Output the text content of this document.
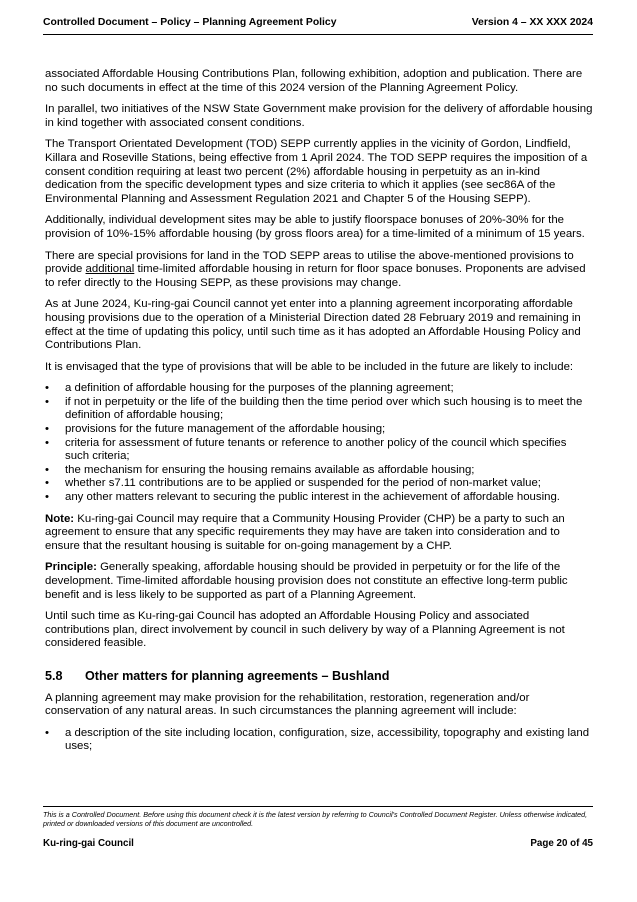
Controlled Document – Policy – Planning Agreement Policy	Version 4 – XX XXX 2024

associated Affordable Housing Contributions Plan, following exhibition, adoption and publication. There are no such documents in effect at the time of this 2024 version of the Planning Agreement Policy.

In parallel, two initiatives of the NSW State Government make provision for the delivery of affordable housing in kind together with associated consent conditions.

The Transport Orientated Development (TOD) SEPP currently applies in the vicinity of Gordon, Lindfield, Killara and Roseville Stations, being effective from 1 April 2024. The TOD SEPP requires the imposition of a consent condition requiring at least two percent (2%) affordable housing in perpetuity as an in-kind dedication from the specific development types and size criteria to which it applies (see sec86A of the Environmental Planning and Assessment Regulation 2021 and Chapter 5 of the Housing SEPP).

Additionally, individual development sites may be able to justify floorspace bonuses of 20%-30% for the provision of 10%-15% affordable housing (by gross floors area) for a time-limited of a minimum of 15 years.

There are special provisions for land in the TOD SEPP areas to utilise the above-mentioned provisions to provide additional time-limited affordable housing in return for floor space bonuses. Proponents are advised to refer directly to the Housing SEPP, as these provisions may change.

As at June 2024, Ku-ring-gai Council cannot yet enter into a planning agreement incorporating affordable housing provisions due to the operation of a Ministerial Direction dated 28 February 2019 and remaining in effect at the time of updating this policy, until such time as it has adopted an Affordable Housing Policy and Contributions Plan.

It is envisaged that the type of provisions that will be able to be included in the future are likely to include:

• a definition of affordable housing for the purposes of the planning agreement;
• if not in perpetuity or the life of the building then the time period over which such housing is to meet the definition of affordable housing;
• provisions for the future management of the affordable housing;
• criteria for assessment of future tenants or reference to another policy of the council which specifies such criteria;
• the mechanism for ensuring the housing remains available as affordable housing;
• whether s7.11 contributions are to be applied or suspended for the period of non-market value;
• any other matters relevant to securing the public interest in the achievement of affordable housing.

Note: Ku-ring-gai Council may require that a Community Housing Provider (CHP) be a party to such an agreement to ensure that any specific requirements they may have are taken into consideration and to ensure that the resultant housing is suitable for on-going management by a CHP.

Principle: Generally speaking, affordable housing should be provided in perpetuity or for the life of the development. Time-limited affordable housing provision does not constitute an effective long-term public benefit and is less likely to be supported as part of a Planning Agreement.

Until such time as Ku-ring-gai Council has adopted an Affordable Housing Policy and associated contributions plan, direct involvement by council in such delivery by way of a Planning Agreement is not considered feasible.

5.8	Other matters for planning agreements – Bushland

A planning agreement may make provision for the rehabilitation, restoration, regeneration and/or conservation of any natural areas. In such circumstances the planning agreement will include:

• a description of the site including location, configuration, size, accessibility, topography and existing land uses;
This is a Controlled Document. Before using this document check it is the latest version by referring to Council’s Controlled Document Register. Unless otherwise indicated, printed or downloaded versions of this document are uncontrolled.
Ku-ring-gai Council	Page 20 of 45
